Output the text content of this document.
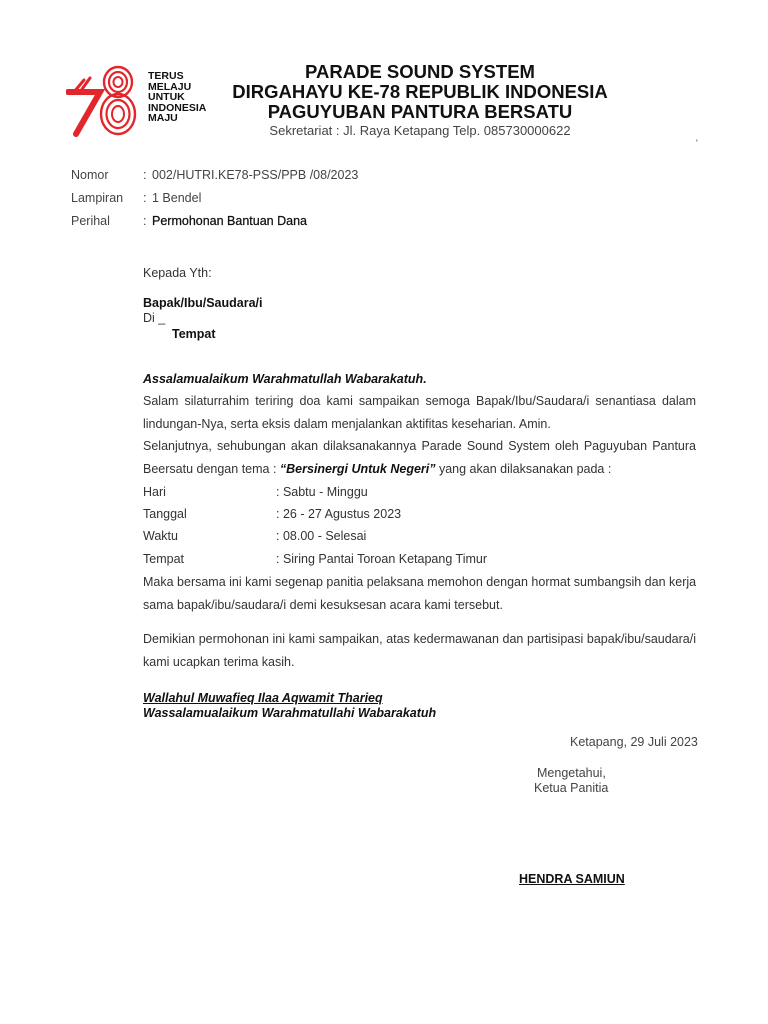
TERUS
MELAJU
UNTUK
INDONESIA
MAJU
PARADE SOUND SYSTEM
DIRGAHAYU KE-78 REPUBLIK INDONESIA
PAGUYUBAN PANTURA BERSATU
Sekretariat : Jl. Raya Ketapang Telp. 085730000622
'
Nomor	: 002/HUTRI.KE78-PSS/PPB /08/2023
Lampiran : 1 Bendel
Perihal	: Permohonan Bantuan Dana
Kepada Yth:
Bapak/Ibu/Saudara/i
Di _
Tempat
Assalamualaikum Warahmatullah Wabarakatuh.
Salam silaturrahim teriring doa kami sampaikan semoga Bapak/Ibu/Saudara/i senantiasa dalam
lindungan-Nya, serta eksis dalam menjalankan aktifitas keseharian. Amin.
Selanjutnya, sehubungan akan dilaksanakannya Parade Sound System oleh Paguyuban Pantura
Beersatu dengan tema : “Bersinergi Untuk Negeri” yang akan dilaksanakan pada :
Hari	: Sabtu - Minggu
Tanggal	: 26 - 27 Agustus 2023
Waktu	: 08.00 - Selesai
Tempat	: Siring Pantai Toroan Ketapang Timur
Maka bersama ini kami segenap panitia pelaksana memohon dengan hormat sumbangsih dan kerja
sama bapak/ibu/saudara/i demi kesuksesan acara kami tersebut.
Demikian permohonan ini kami sampaikan, atas kedermawanan dan partisipasi bapak/ibu/saudara/i
kami ucapkan terima kasih.
Wallahul Muwafieq Ilaa Aqwamit Tharieq
Wassalamualaikum Warahmatullahi Wabarakatuh
Ketapang, 29 Juli 2023
Mengetahui,
Ketua Panitia
HENDRA SAMIUN
